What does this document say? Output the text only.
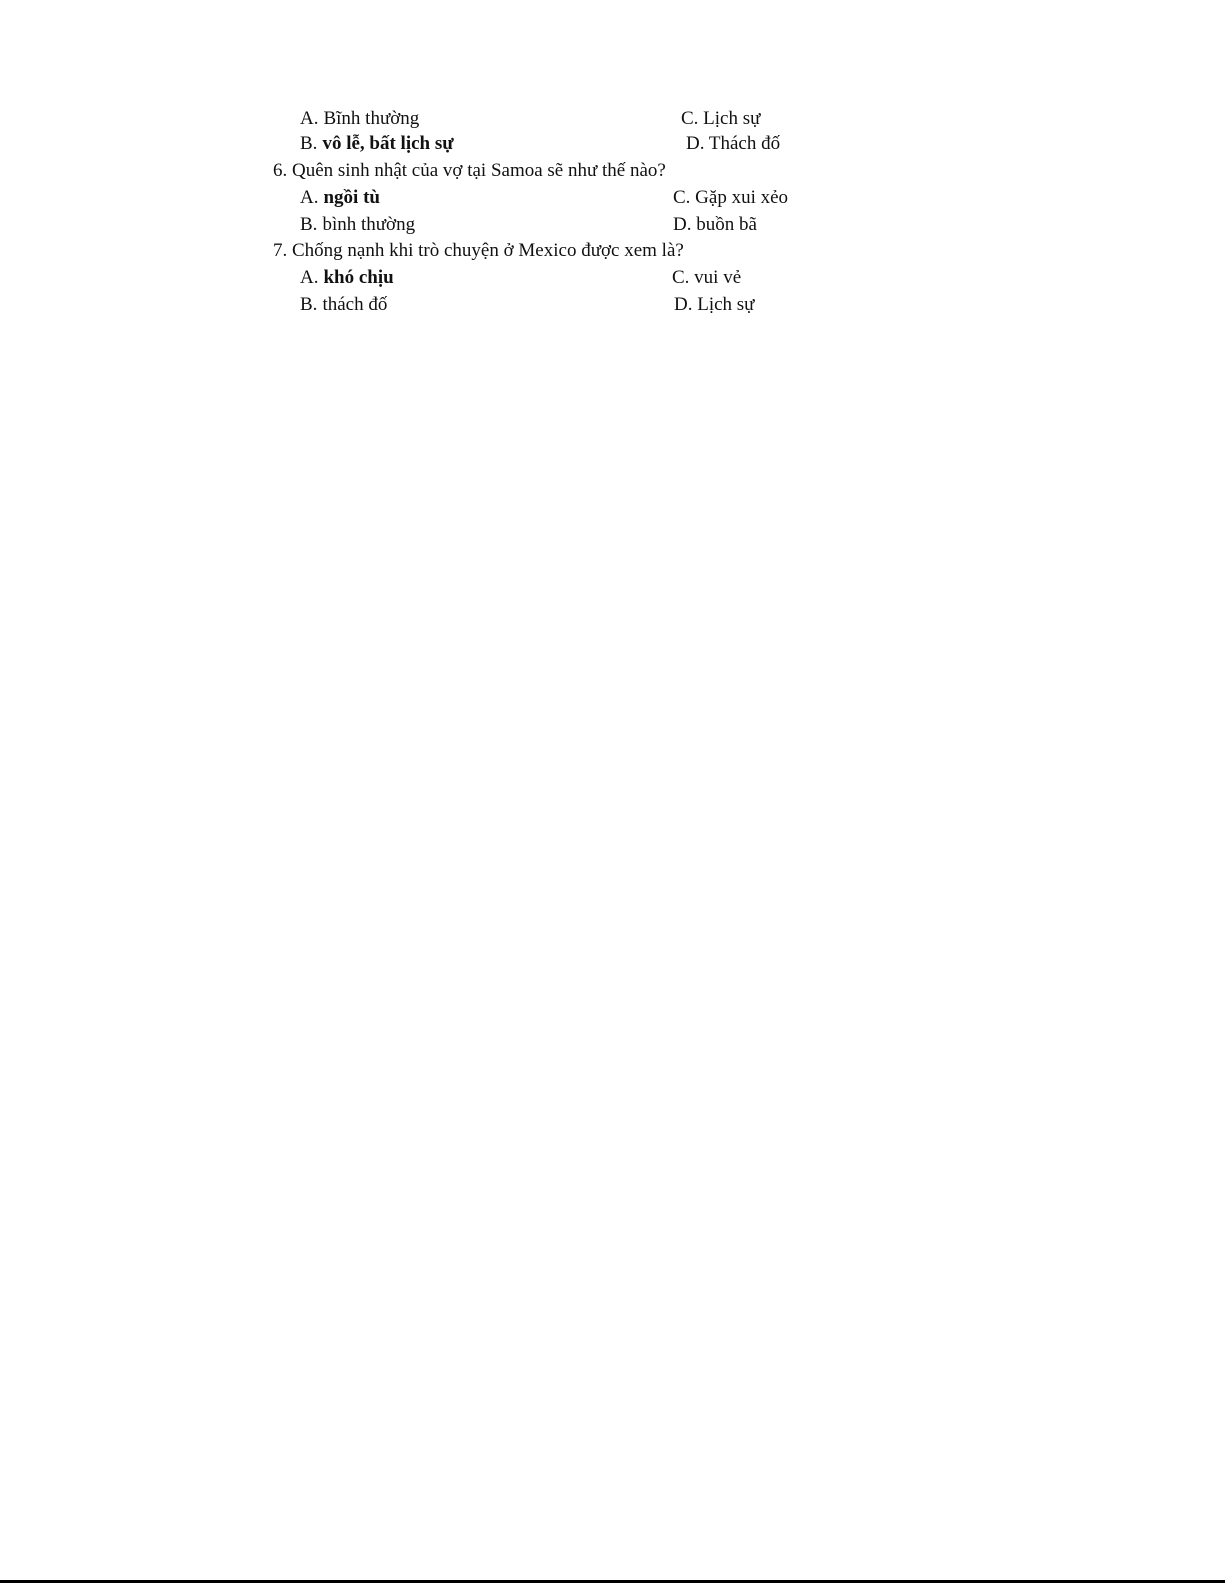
A. Bĩnh thường	C. Lịch sự
B. vô lễ, bất lịch sự	D. Thách đố
6. Quên sinh nhật của vợ tại Samoa sẽ như thế nào?
A. ngồi tù	C. Gặp xui xẻo
B. bình thường	D. buồn bã
7. Chống nạnh khi trò chuyện ở Mexico được xem là?
A. khó chịu	C. vui vẻ
B. thách đố	D. Lịch sự
